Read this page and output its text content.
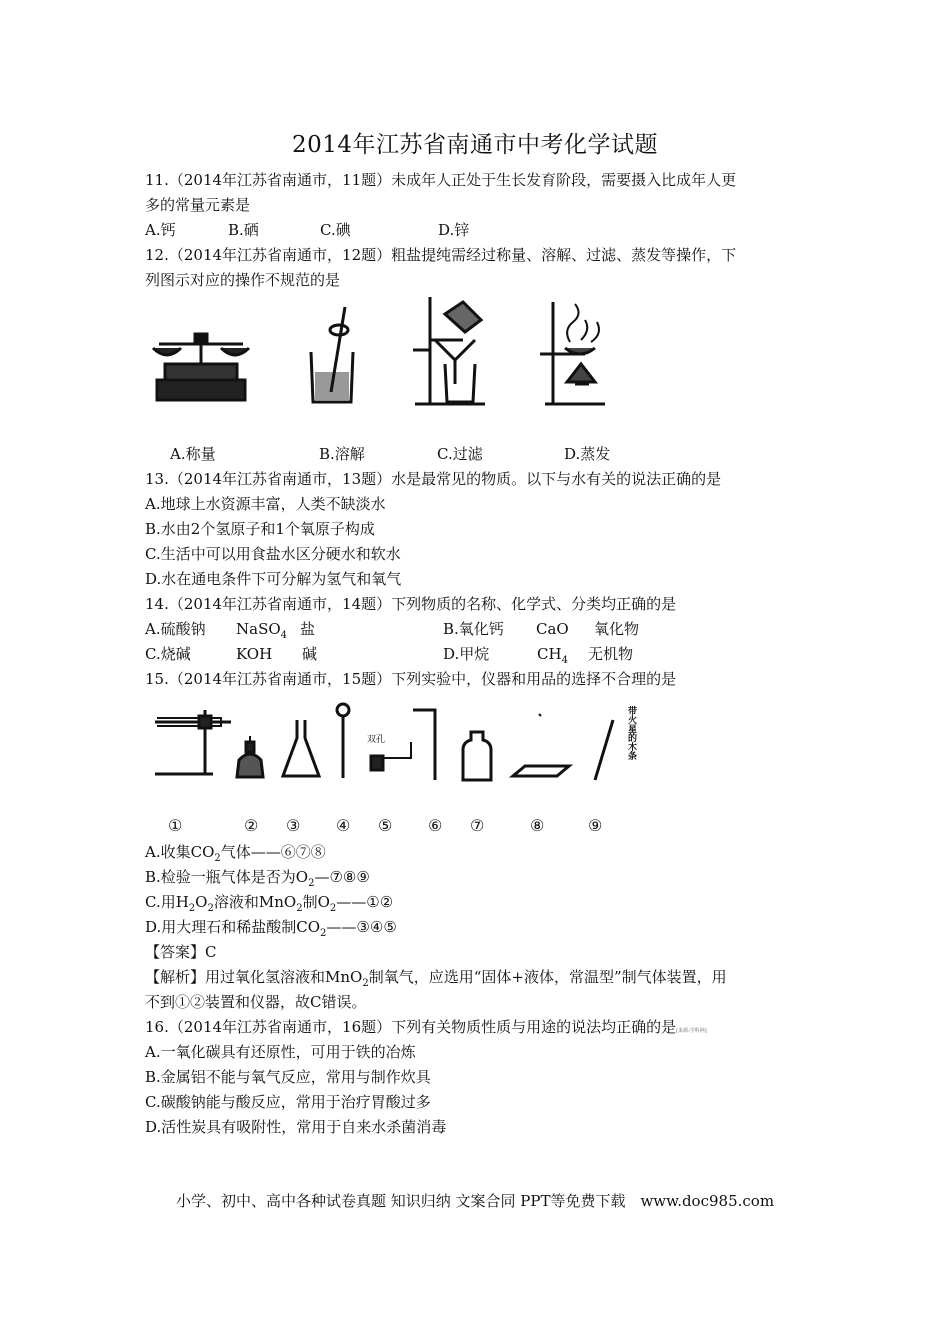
2014年江苏省南通市中考化学试题
11.（2014年江苏省南通市，11题）未成年人正处于生长发育阶段，需要摄入比成年人更
多的常量元素是
A.钙	B.硒	C.碘	D.锌
12.（2014年江苏省南通市，12题）粗盐提纯需经过称量、溶解、过滤、蒸发等操作，下
列图示对应的操作不规范的是
A.称量	B.溶解	C.过滤	D.蒸发
13.（2014年江苏省南通市，13题）水是最常见的物质。以下与水有关的说法正确的是
A.地球上水资源丰富，人类不缺淡水
B.水由2个氢原子和1个氧原子构成
C.生活中可以用食盐水区分硬水和软水
D.水在通电条件下可分解为氢气和氧气
14.（2014年江苏省南通市，14题）下列物质的名称、化学式、分类均正确的是
A.硫酸钠 NaSO$_4$ 盐	B.氧化钙 CaO 氧化物
C.烧碱	KOH 碱	D.甲烷	$CH_4$ 无机物
15.（2014年江苏省南通市，15题）下列实验中，仪器和用品的选择不合理的是
双孔	带火星的木条
①	② ③ ④ ⑤ ⑥ ⑦	⑧	⑨
A.收集$CO_2$气体——⑥⑦⑧
B.检验一瓶气体是否为$O_2—⑦⑧⑨$
C.用$H_2O_2$溶液和MnO$_2$制$O_2——①②$
D.用大理石和稀盐酸制$CO_2——③④⑤$
【答案】C
【解析】用过氧化氢溶液和MnO$_2$制氧气，应选用“固体+液体，常温型”制气体装置，用
不到①②装置和仪器，故C错误。
16.（2014年江苏省南通市，16题）下列有关物质性质与用途的说法均正确的是[来源:学科网]
A.一氧化碳具有还原性，可用于铁的冶炼
B.金属铝不能与氧气反应，常用与制作炊具
C.碳酸钠能与酸反应，常用于治疗胃酸过多
D.活性炭具有吸附性，常用于自来水杀菌消毒
小学、初中、高中各种试卷真题 知识归纳 文案合同 PPT等免费下载　www.doc985.com
